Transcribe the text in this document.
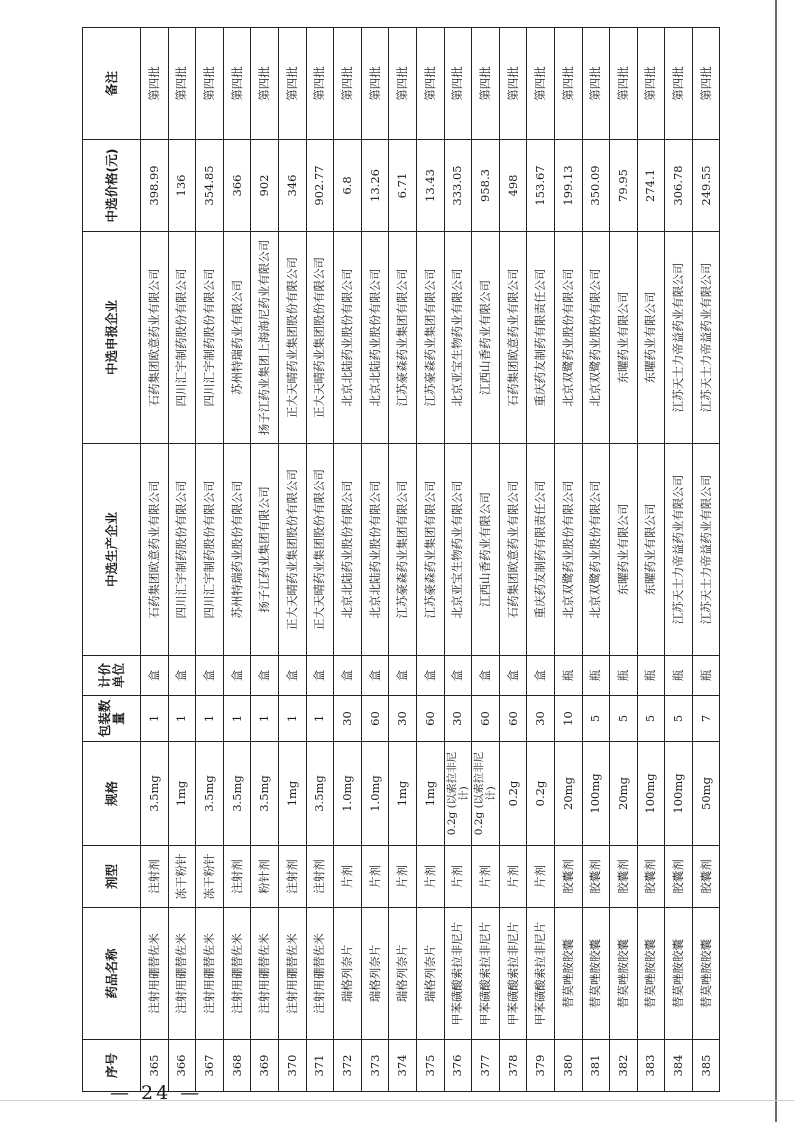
序号	药品名称	剂型	规格	包装数量	计价单位	中选生产企业	中选申报企业	中选价格(元)	备注
365	注射用硼替佐米	注射剂	3.5mg	1	盒	石药集团欧意药业有限公司	石药集团欧意药业有限公司	398.99	第四批
366	注射用硼替佐米	冻干粉针	1mg	1	盒	四川汇宇制药股份有限公司	四川汇宇制药股份有限公司	136	第四批
367	注射用硼替佐米	冻干粉针	3.5mg	1	盒	四川汇宇制药股份有限公司	四川汇宇制药股份有限公司	354.85	第四批
368	注射用硼替佐米	注射剂	3.5mg	1	盒	苏州特瑞药业股份有限公司	苏州特瑞药业有限公司	366	第四批
369	注射用硼替佐米	粉针剂	3.5mg	1	盒	扬子江药业集团有限公司	扬子江药业集团上海海尼药业有限公司	902	第四批
370	注射用硼替佐米	注射剂	1mg	1	盒	正大天晴药业集团股份有限公司	正大天晴药业集团股份有限公司	346	第四批
371	注射用硼替佐米	注射剂	3.5mg	1	盒	正大天晴药业集团股份有限公司	正大天晴药业集团股份有限公司	902.77	第四批
372	瑞格列奈片	片剂	1.0mg	30	盒	北京北陆药业股份有限公司	北京北陆药业股份有限公司	6.8	第四批
373	瑞格列奈片	片剂	1.0mg	60	盒	北京北陆药业股份有限公司	北京北陆药业股份有限公司	13.26	第四批
374	瑞格列奈片	片剂	1mg	30	盒	江苏豪森药业集团有限公司	江苏豪森药业集团有限公司	6.71	第四批
375	瑞格列奈片	片剂	1mg	60	盒	江苏豪森药业集团有限公司	江苏豪森药业集团有限公司	13.43	第四批
376	甲苯磺酸索拉非尼片	片剂	0.2g (以索拉非尼计)	30	盒	北京亚宝生物药业有限公司	北京亚宝生物药业有限公司	333.05	第四批
377	甲苯磺酸索拉非尼片	片剂	0.2g (以索拉非尼计)	60	盒	江西山香药业有限公司	江西山香药业有限公司	958.3	第四批
378	甲苯磺酸索拉非尼片	片剂	0.2g	60	盒	石药集团欧意药业有限公司	石药集团欧意药业有限公司	498	第四批
379	甲苯磺酸索拉非尼片	片剂	0.2g	30	盒	重庆药友制药有限责任公司	重庆药友制药有限责任公司	153.67	第四批
380	替莫唑胺胶囊	胶囊剂	20mg	10	瓶	北京双鹭药业股份有限公司	北京双鹭药业股份有限公司	199.13	第四批
381	替莫唑胺胶囊	胶囊剂	100mg	5	瓶	北京双鹭药业股份有限公司	北京双鹭药业股份有限公司	350.09	第四批
382	替莫唑胺胶囊	胶囊剂	20mg	5	瓶	东曜药业有限公司	东曜药业有限公司	79.95	第四批
383	替莫唑胺胶囊	胶囊剂	100mg	5	瓶	东曜药业有限公司	东曜药业有限公司	274.1	第四批
384	替莫唑胺胶囊	胶囊剂	100mg	5	瓶	江苏天士力帝益药业有限公司	江苏天士力帝益药业有限公司	306.78	第四批
385	替莫唑胺胶囊	胶囊剂	50mg	7	瓶	江苏天士力帝益药业有限公司	江苏天士力帝益药业有限公司	249.55	第四批
— 24 —
